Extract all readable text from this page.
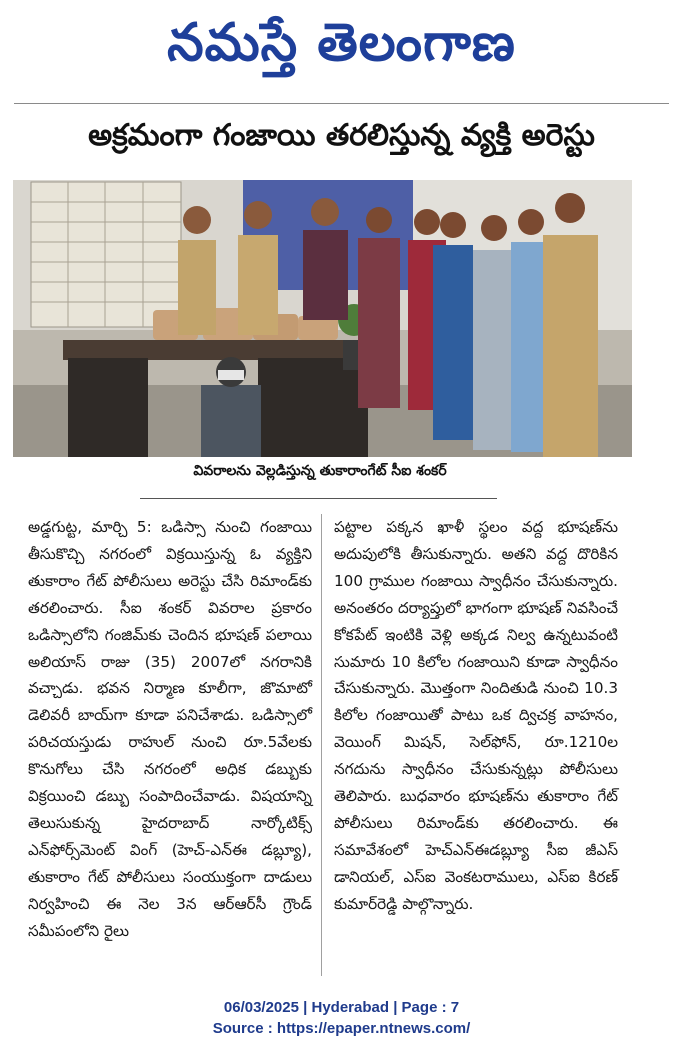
నమస్తే తెలంగాణ
అక్రమంగా గంజాయి తరలిస్తున్న వ్యక్తి అరెస్టు
వివరాలను వెల్లడిస్తున్న తుకారాంగేట్ సీఐ శంకర్

అడ్డగుట్ట, మార్చి 5: ఒడిస్సా నుంచి గంజాయి తీసుకొచ్చి నగరంలో విక్రయిస్తున్న ఓ వ్యక్తిని తుకారాం గేట్ పోలీసులు అరెస్టు చేసి రిమాండ్‌కు తరలించారు. సీఐ శంకర్ వివరాల ప్రకారం ఒడిస్సాలోని గంజిమ్‌కు చెందిన భూషణ్ పలాయి అలియాస్ రాజు (35) 2007లో నగరానికి వచ్చాడు. భవన నిర్మాణ కూలీగా, జొమాటో డెలివరీ బాయ్‌గా కూడా పనిచేశాడు. ఒడిస్సాలో పరిచయస్తుడు రాహుల్ నుంచి రూ.5వేలకు కొనుగోలు చేసి నగరంలో అధిక డబ్బుకు విక్రయించి డబ్బు సంపాదించేవాడు. విషయాన్ని తెలుసుకున్న హైదరాబాద్ నార్కోటిక్స్ ఎన్‌ఫోర్స్‌మెంట్ వింగ్ (హెచ్-ఎన్‌ఈ డబ్ల్యూ), తుకారాం గేట్ పోలీసులు సంయుక్తంగా దాడులు నిర్వహించి ఈ నెల 3న ఆర్ఆర్‌సీ గ్రౌండ్ సమీపంలోని రైలు

పట్టాల పక్కన ఖాళీ స్థలం వద్ద భూషణ్‌ను అదుపులోకి తీసుకున్నారు. అతని వద్ద దొరికిన 100 గ్రాముల గంజాయి స్వాధీనం చేసుకున్నారు. అనంతరం దర్యాప్తులో భాగంగా భూషణ్ నివసించే కోకపేట్ ఇంటికి వెళ్లి అక్కడ నిల్వ ఉన్నటువంటి సుమారు 10 కిలోల గంజాయిని కూడా స్వాధీనం చేసుకున్నారు. మొత్తంగా నిందితుడి నుంచి 10.3 కిలోల గంజాయితో పాటు ఒక ద్విచక్ర వాహనం, వెయింగ్ మిషన్, సెల్‌ఫోన్, రూ.1210ల నగదును స్వాధీనం చేసుకున్నట్లు పోలీసులు తెలిపారు. బుధవారం భూషణ్‌ను తుకారాం గేట్ పోలీసులు రిమాండ్‌కు తరలించారు. ఈ సమావేశంలో హెచ్‌ఎన్‌ఈడబ్ల్యూ సీఐ జీఎస్ డానియల్, ఎస్ఐ వెంకటరాములు, ఎస్ఐ కిరణ్ కుమార్‌రెడ్డి పాల్గొన్నారు.

06/03/2025 | Hyderabad | Page : 7
Source : https://epaper.ntnews.com/
